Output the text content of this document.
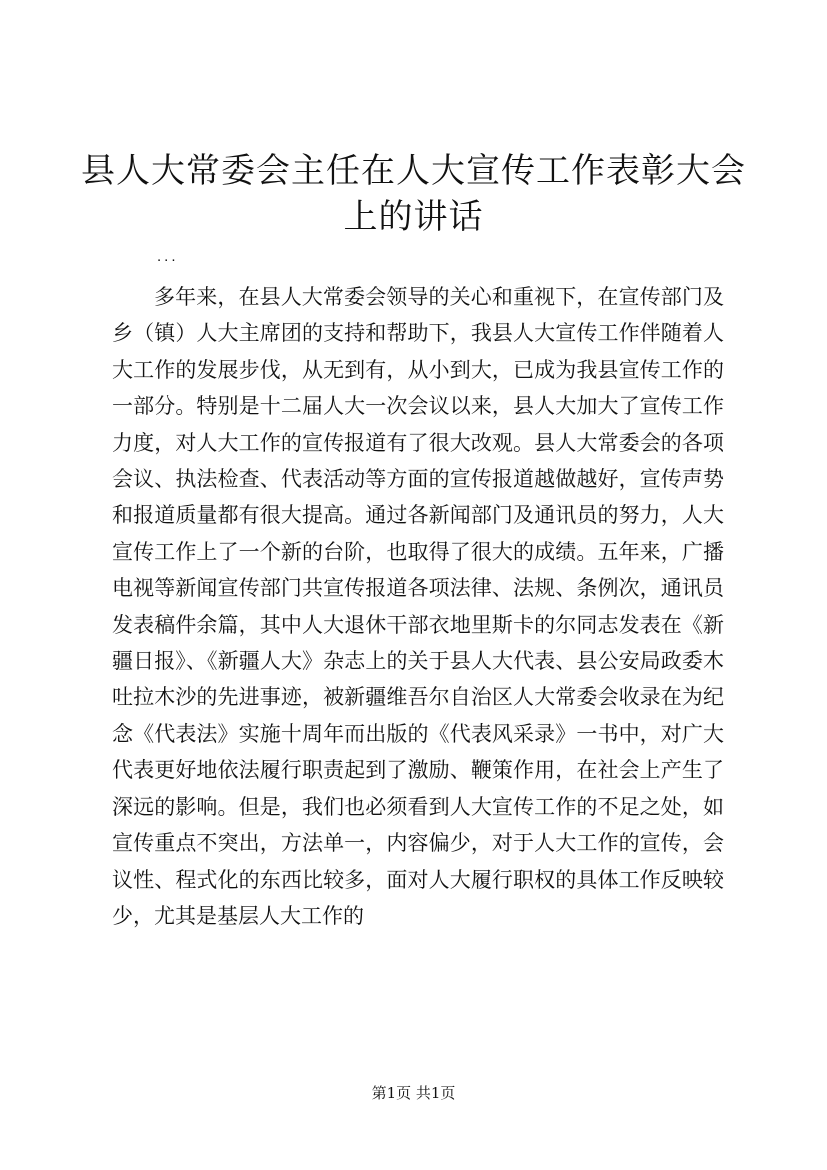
县人大常委会主任在人大宣传工作表彰大会上的讲话
...

多年来，在县人大常委会领导的关心和重视下，在宣传部门及乡（镇）人大主席团的支持和帮助下，我县人大宣传工作伴随着人大工作的发展步伐，从无到有，从小到大，已成为我县宣传工作的一部分。特别是十二届人大一次会议以来，县人大加大了宣传工作力度，对人大工作的宣传报道有了很大改观。县人大常委会的各项会议、执法检查、代表活动等方面的宣传报道越做越好，宣传声势和报道质量都有很大提高。通过各新闻部门及通讯员的努力，人大宣传工作上了一个新的台阶，也取得了很大的成绩。五年来，广播电视等新闻宣传部门共宣传报道各项法律、法规、条例次，通讯员发表稿件余篇，其中人大退休干部衣地里斯卡的尔同志发表在《新疆日报》、《新疆人大》杂志上的关于县人大代表、县公安局政委木吐拉木沙的先进事迹，被新疆维吾尔自治区人大常委会收录在为纪念《代表法》实施十周年而出版的《代表风采录》一书中，对广大代表更好地依法履行职责起到了激励、鞭策作用，在社会上产生了深远的影响。但是，我们也必须看到人大宣传工作的不足之处，如宣传重点不突出，方法单一，内容偏少，对于人大工作的宣传，会议性、程式化的东西比较多，面对人大履行职权的具体工作反映较少，尤其是基层人大工作的

第1页 共1页
